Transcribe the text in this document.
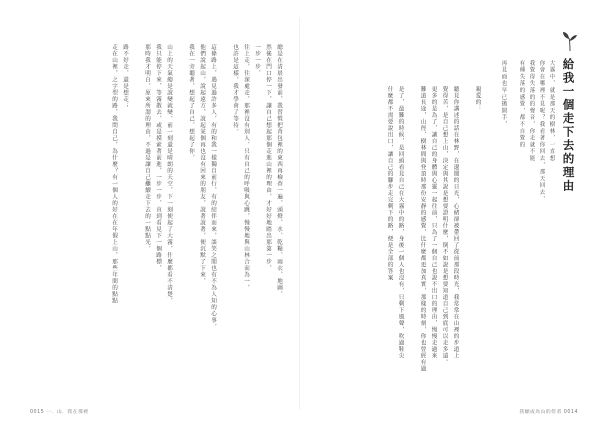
總是在清晨出發前，我習慣把背包裡的東西再檢查一遍，頭燈、水、乾糧、雨衣、地圖，
然後在門口停一下，讓自己想起那個走進山裡的理由，才好好地踏出那第一步，
一步一步，
往上走，往深處走，那裡沒有別人，只有自己的呼吸與心跳，慢慢地與山林合而為一，
也許是這樣，我才學會了等待。
這條路上，遇見過許多人，有的和我一樣獨自前行，有的結伴而來，談笑之間也有不為人知的心事，
他們說起山，說起遠方，說起某個再也沒有回來的朋友，說著說著，便沉默了下來，
我在一旁聽著，想起了自己，想起了你，
山上的天氣總是說變就變，前一刻還是晴朗的天空，下一刻便起了大霧，什麼都看不清楚，
我只能停下來，等霧散去，或是摸索著前進，一步一步，直到看見下一個路標，
那時我才明白，原來所謂的理由，不過是讓自己繼續走下去的一點點光，
路不好走，還是想走；
走在山裡，之字型的路，我問自己，為什麼？有一個人的好在在年假上山，那些年間的點點
0015 一．山．我在那裡
給我一個走下去的理由
大霧中，就是那天的樹林，一直想
你會在哪裡不見呢？我看著你回去，那天回去，
我覺得失落的的聲音，你走就不能
有種失落的感覺，都不自覺的
再見面也早已拋開手，
親愛的：
聽見你講述的話在林野，在遼闊的日光，心緒卻被帶回了從前那段時光，我常常在山裡的步道上
覺得苦，是自己想上山，決定與其說是想要證明什麼，倒不如說是想要知道自己到底可以走多遠。
更多的是為了，讓自己的身體與心靈一起往前，只為了一個自己也說不出口的理由，慢慢走過來
難道長途，山徑，樹林間與登頂時那份安靜的感覺，比什麼都更加真實，那樣的時刻，你也曾經有過
是了，最難的時候，是回頭看見自己在大霧中的路，身後一個人也沒有，只剩下風聲，吹過鞋尖
什麼都不需要說出口，讓自己的腳步走完剩下的路，便是全部的答案
我願成為山的侍者 0014
